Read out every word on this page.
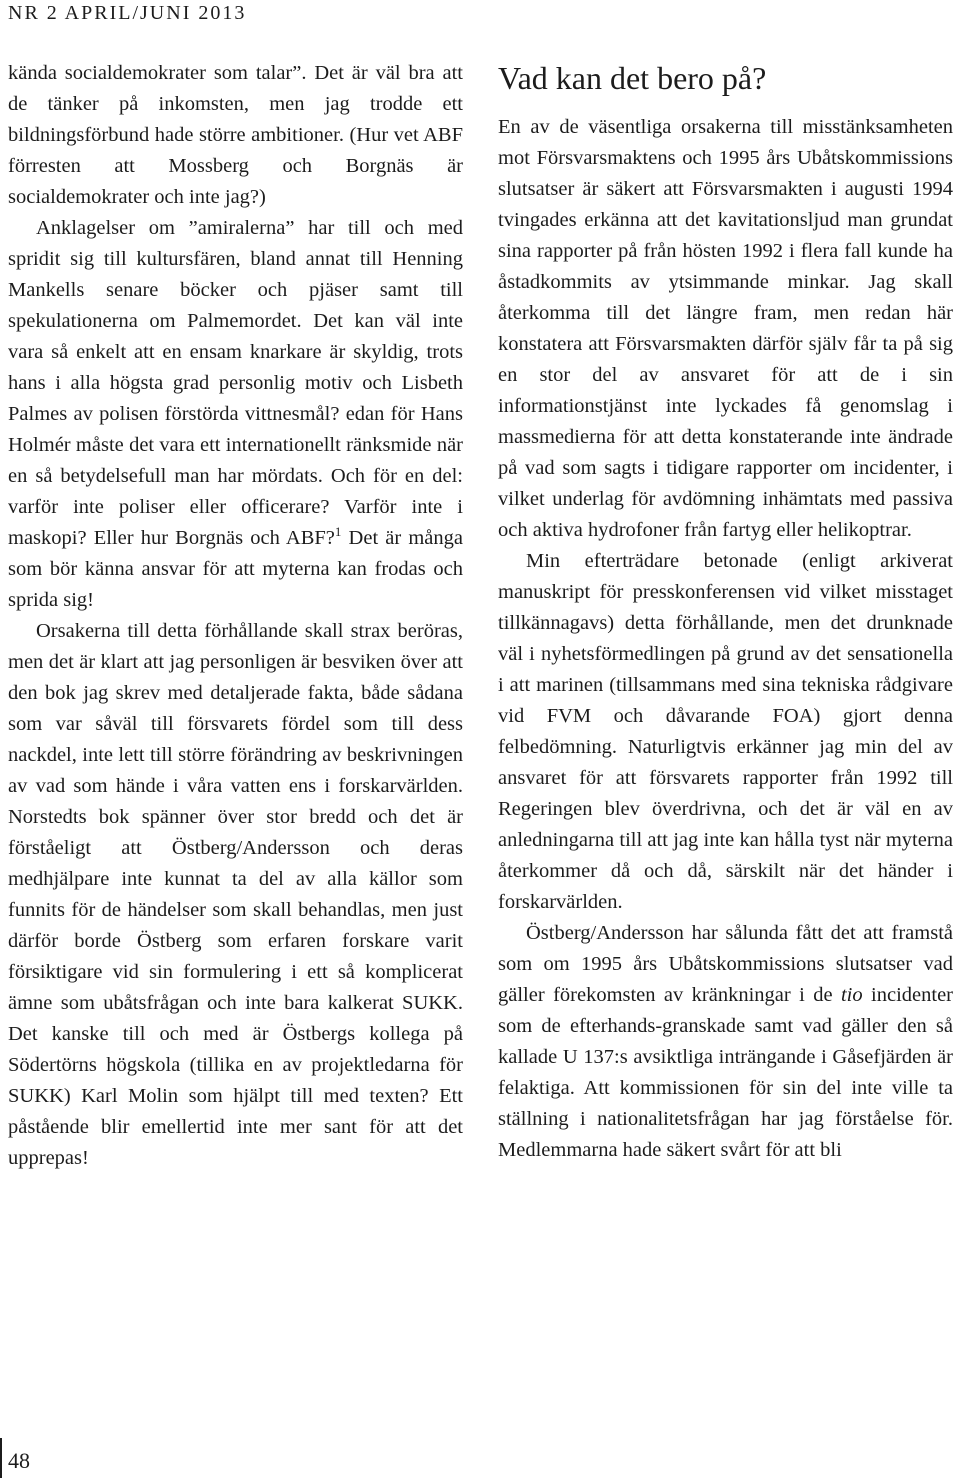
NR 2 APRIL/JUNI 2013

kända socialdemokrater som talar”. Det är väl bra att de tänker på inkomsten, men jag trodde ett bildningsförbund hade större ambitioner. (Hur vet ABF förresten att Mossberg och Borgnäs är socialdemokrater och inte jag?)

Anklagelser om ”amiralerna” har till och med spridit sig till kultursfären, bland annat till Henning Mankells senare böcker och pjäser samt till spekulationerna om Palmemordet. Det kan väl inte vara så enkelt att en ensam knarkare är skyldig, trots hans i alla högsta grad personlig motiv och Lisbeth Palmes av polisen förstörda vittnesmål? edan för Hans Holmér måste det vara ett internationellt ränksmide när en så betydelsefull man har mördats. Och för en del: varför inte poliser eller officerare? Varför inte i maskopi? Eller hur Borgnäs och ABF?$^1$ Det är många som bör känna ansvar för att myterna kan frodas och sprida sig!

Orsakerna till detta förhållande skall strax beröras, men det är klart att jag personligen är besviken över att den bok jag skrev med detaljerade fakta, både sådana som var såväl till försvarets fördel som till dess nackdel, inte lett till större förändring av beskrivningen av vad som hände i våra vatten ens i forskarvärlden. Norstedts bok spänner över stor bredd och det är förståeligt att Östberg/Andersson och deras medhjälpare inte kunnat ta del av alla källor som funnits för de händelser som skall behandlas, men just därför borde Östberg som erfaren forskare varit försiktigare vid sin formulering i ett så komplicerat ämne som ubåtsfrågan och inte bara kalkerat SUKK. Det kanske till och med är Östbergs kollega på Södertörns högskola (tillika en av projektledarna för SUKK) Karl Molin som hjälpt till med texten? Ett påstående blir emellertid inte mer sant för att det upprepas!

Vad kan det bero på?

En av de väsentliga orsakerna till misstänksamheten mot Försvarsmaktens och 1995 års Ubåtskommissions slutsatser är säkert att Försvarsmakten i augusti 1994 tvingades erkänna att det kavitationsljud man grundat sina rapporter på från hösten 1992 i flera fall kunde ha åstadkommits av ytsimmande minkar. Jag skall återkomma till det längre fram, men redan här konstatera att Försvarsmakten därför själv får ta på sig en stor del av ansvaret för att de i sin informationstjänst inte lyckades få genomslag i massmedierna för att detta konstaterande inte ändrade på vad som sagts i tidigare rapporter om incidenter, i vilket underlag för avdömning inhämtats med passiva och aktiva hydrofoner från fartyg eller helikoptrar.

Min efterträdare betonade (enligt arkiverat manuskript för presskonferensen vid vilket misstaget tillkännagavs) detta förhållande, men det drunknade väl i nyhetsförmedlingen på grund av det sensationella i att marinen (tillsammans med sina tekniska rådgivare vid FVM och dåvarande FOA) gjort denna felbedömning. Naturligtvis erkänner jag min del av ansvaret för att försvarets rapporter från 1992 till Regeringen blev överdrivna, och det är väl en av anledningarna till att jag inte kan hålla tyst när myterna återkommer då och då, särskilt när det händer i forskarvärlden.

Östberg/Andersson har sålunda fått det att framstå som om 1995 års Ubåtskommissions slutsatser vad gäller förekomsten av kränkningar i de tio incidenter som de efterhands-granskade samt vad gäller den så kallade U 137:s avsiktliga inträngande i Gåsefjärden är felaktiga. Att kommissionen för sin del inte ville ta ställning i nationalitetsfrågan har jag förståelse för. Medlemmarna hade säkert svårt för att bli

48
